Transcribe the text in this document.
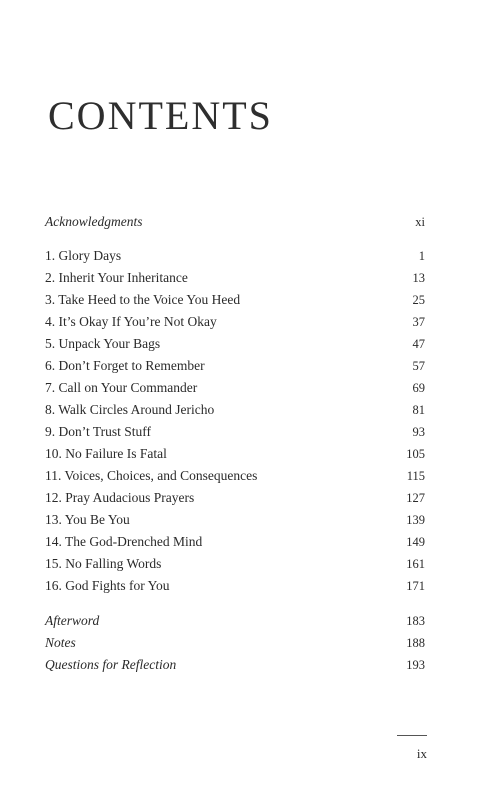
CONTENTS
Acknowledgments	xi
1. Glory Days	1
2. Inherit Your Inheritance	13
3. Take Heed to the Voice You Heed	25
4. It’s Okay If You’re Not Okay	37
5. Unpack Your Bags	47
6. Don’t Forget to Remember	57
7. Call on Your Commander	69
8. Walk Circles Around Jericho	81
9. Don’t Trust Stuff	93
10. No Failure Is Fatal	105
11. Voices, Choices, and Consequences	115
12. Pray Audacious Prayers	127
13. You Be You	139
14. The God-Drenched Mind	149
15. No Falling Words	161
16. God Fights for You	171
Afterword	183
Notes	188
Questions for Reflection	193
ix
